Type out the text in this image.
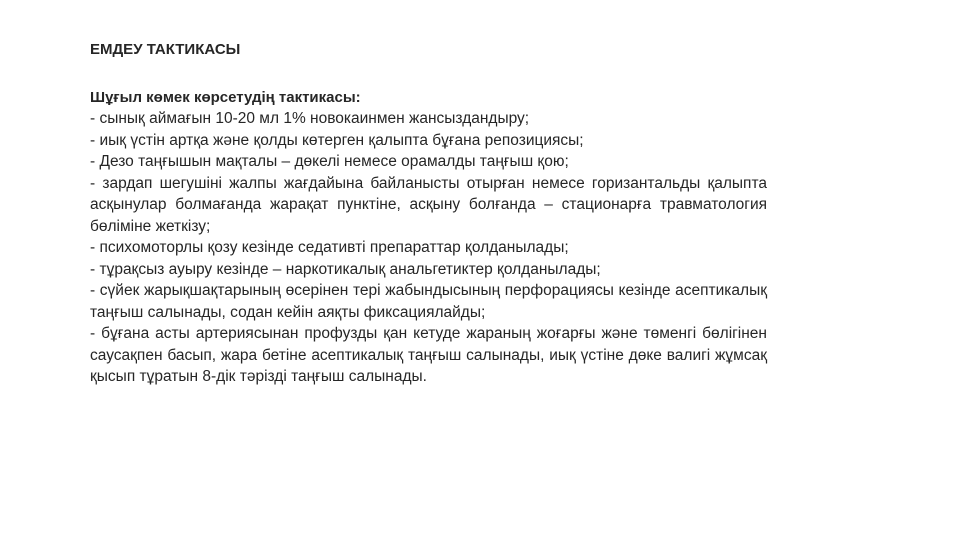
ЕМДЕУ ТАКТИКАСЫ
Шұғыл көмек көрсетудің тактикасы:
- сынық аймағын 10-20 мл 1% новокаинмен жансыздандыру;
- иық үстін артқа және қолды көтерген қалыпта бұғана репозициясы;
- Дезо таңғышын мақталы – дөкелі немесе орамалды таңғыш қою;
- зардап шегушіні жалпы жағдайына байланысты отырған немесе горизантальды қалыпта асқынулар болмағанда жарақат пунктіне, асқыну болғанда – стационарға травматология бөліміне жеткізу;
- психомоторлы қозу кезінде седативті препараттар қолданылады;
- тұрақсыз ауыру кезінде – наркотикалық анальгетиктер қолданылады;
- сүйек жарықшақтарының өсерінен тері жабындысының перфорациясы кезінде асептикалық таңғыш салынады, содан кейін аяқты фиксациялайды;
- бұғана асты артериясынан профузды қан кетуде жараның жоғарғы және төменгі бөлігінен саусақпен басып, жара бетіне асептикалық таңғыш салынады, иық үстіне дөке валигі жұмсақ қысып тұратын 8-дік тәрізді таңғыш салынады.
